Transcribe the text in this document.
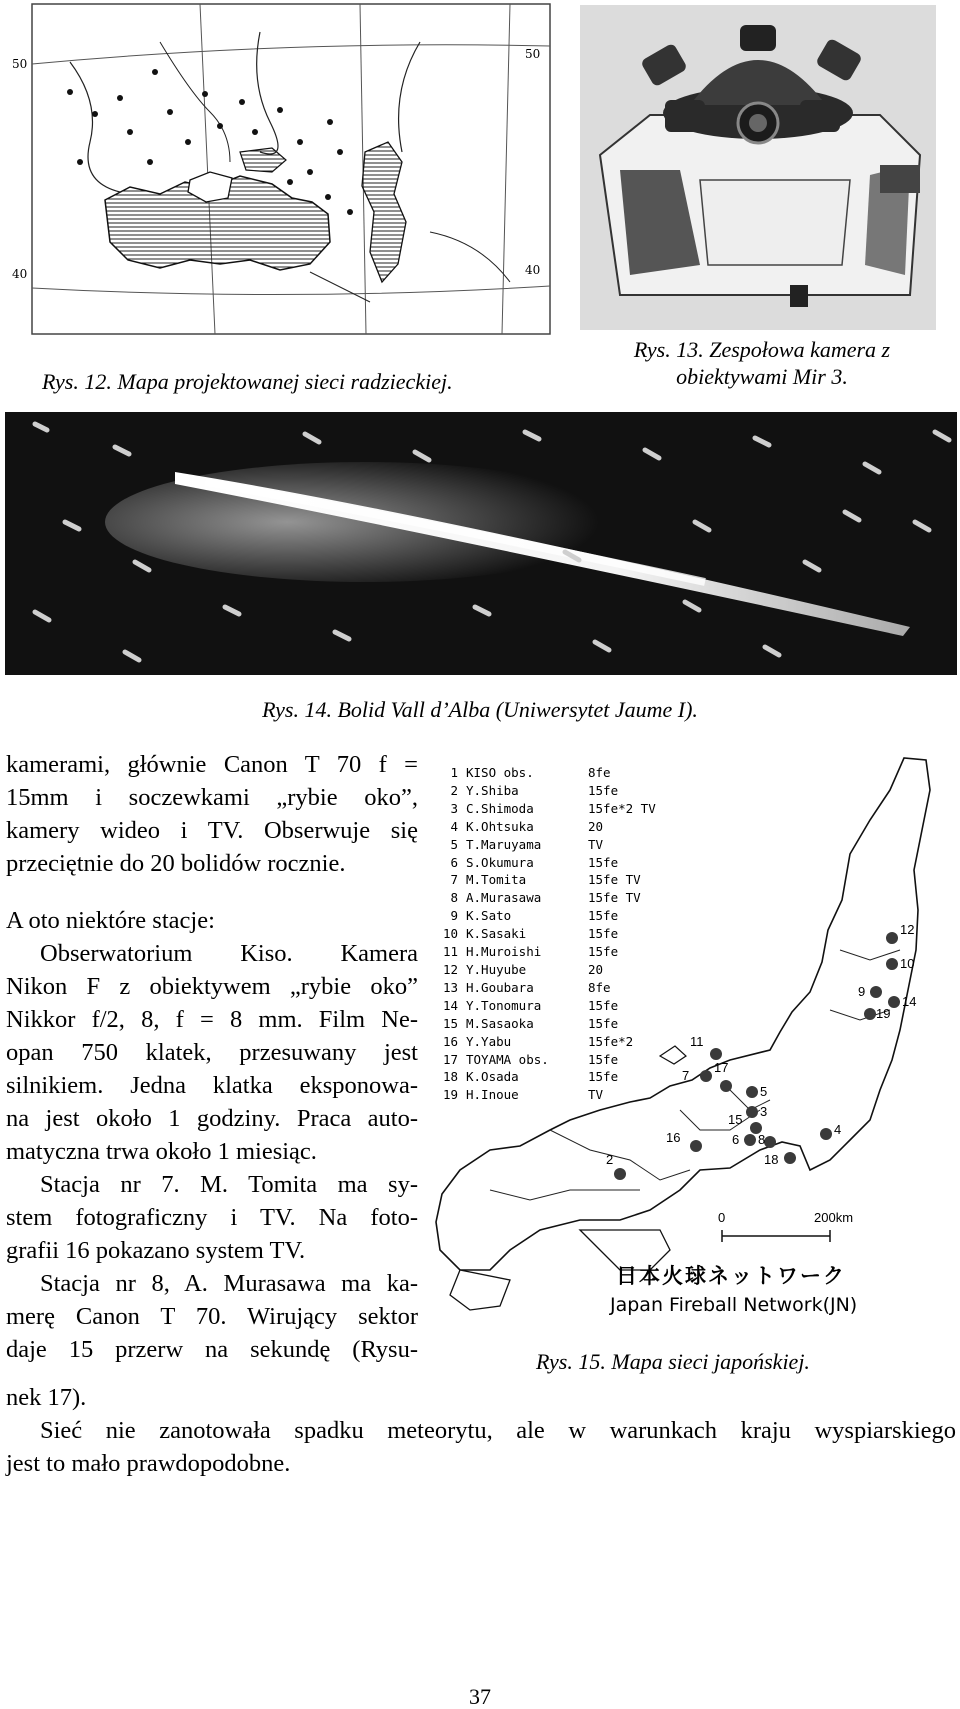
50
40
50
40
Rys. 12. Mapa projektowanej sieci radzieckiej.
Rys. 13. Zespołowa kamera z
obiektywami Mir 3.
Rys. 14. Bolid Vall d’Alba (Uniwersytet Jaume I).
1 KISO obs.	8fe
2 Y.Shiba	15fe
3 C.Shimoda	15fe*2 TV
4 K.Ohtsuka	20
5 T.Maruyama	TV
6 S.Okumura	15fe
7 M.Tomita	15fe TV
8 A.Murasawa	15fe TV
9 K.Sato	15fe
10 K.Sasaki	15fe
11 H.Muroishi	15fe
12 Y.Huyube	20
13 H.Goubara	8fe
14 Y.Tonomura	15fe
15 M.Sasaoka	15fe
16 Y.Yabu	15fe*2
17 TOYAMA obs.	15fe
18 K.Osada	15fe
19 H.Inoue	TV
12
10
9
14
19
11
7
17
5
3
15
6 8
4
18
16
2
0	200km
日本火球ネットワーク
Japan Fireball Network(JN)
Rys. 15. Mapa sieci japońskiej.

kamerami, głównie Canon T 70 f =

15mm i soczewkami „rybie oko”,

kamery wideo i TV. Obserwuje się

przeciętnie do 20 bolidów rocznie.

A oto niektóre stacje:

Obserwatorium Kiso. Kamera

Nikon F z obiektywem „rybie oko”

Nikkor f/2, 8, f = 8 mm. Film Ne-

opan 750 klatek, przesuwany jest

silnikiem. Jedna klatka eksponowa-

na jest około 1 godziny. Praca auto-

matyczna trwa około 1 miesiąc.

Stacja nr 7. M. Tomita ma sy-

stem fotograficzny i TV. Na foto-

grafii 16 pokazano system TV.

Stacja nr 8, A. Murasawa ma ka-

merę Canon T 70. Wirujący sektor

daje 15 przerw na sekundę (Rysu-

nek 17).

Sieć nie zanotowała spadku meteorytu, ale w warunkach kraju wyspiarskiego

jest to mało prawdopodobne.

37
